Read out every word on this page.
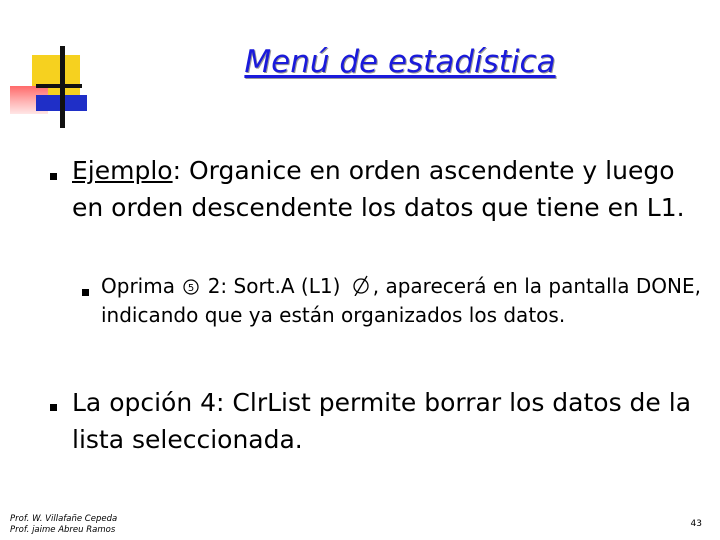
Menú de estadística
Ejemplo: Organice en orden ascendente y luego en orden descendente los datos que tiene en L1.
Oprima 5 2: Sort.A (L1) , aparecerá en la pantalla DONE, indicando que ya están organizados los datos.
La opción 4: ClrList permite borrar los datos de la lista seleccionada.
Prof. W. Villafañe Cepeda
Prof. jaime Abreu Ramos
43
